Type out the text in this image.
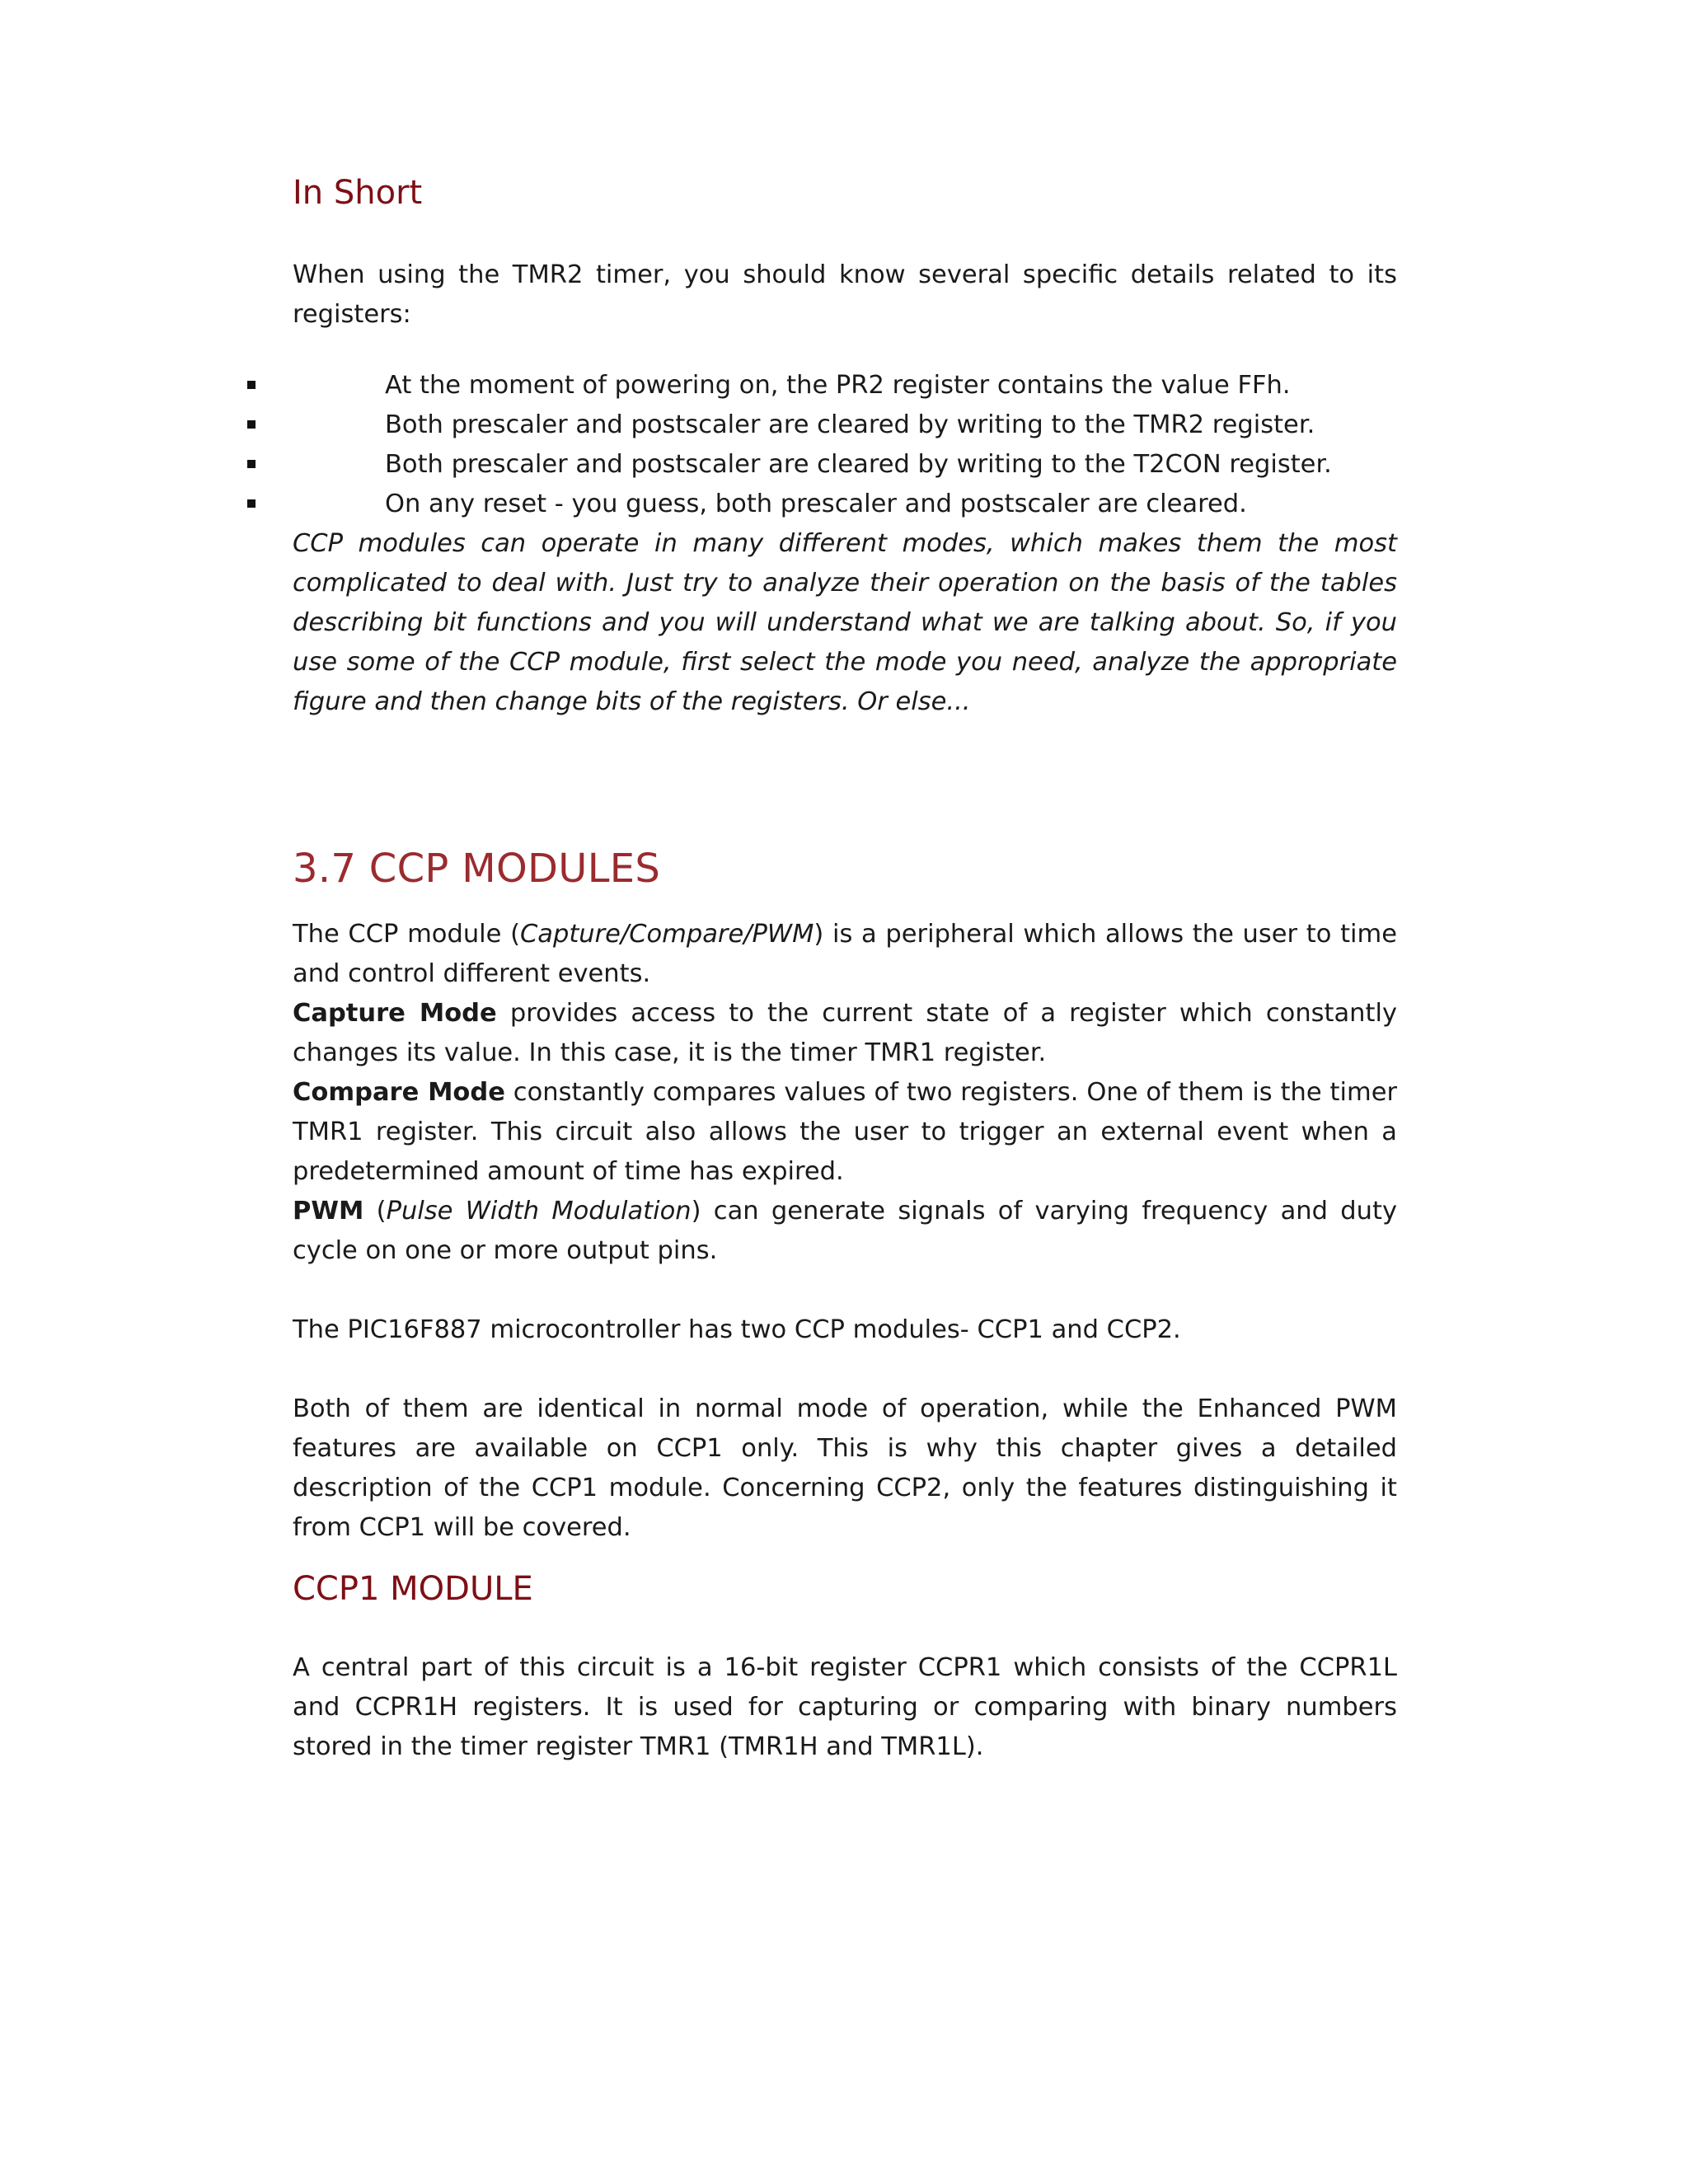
In Short

When using the TMR2 timer, you should know several specific details related to its registers:

At the moment of powering on, the PR2 register contains the value FFh.
Both prescaler and postscaler are cleared by writing to the TMR2 register.
Both prescaler and postscaler are cleared by writing to the T2CON register.
On any reset - you guess, both prescaler and postscaler are cleared.

CCP modules can operate in many different modes, which makes them the most complicated to deal with. Just try to analyze their operation on the basis of the tables describing bit functions and you will understand what we are talking about. So, if you use some of the CCP module, first select the mode you need, analyze the appropriate figure and then change bits of the registers. Or else...

3.7 CCP MODULES

The CCP module (Capture/Compare/PWM) is a peripheral which allows the user to time and control different events.

Capture Mode provides access to the current state of a register which constantly changes its value. In this case, it is the timer TMR1 register.

Compare Mode constantly compares values of two registers. One of them is the timer TMR1 register. This circuit also allows the user to trigger an external event when a predetermined amount of time has expired.

PWM (Pulse Width Modulation) can generate signals of varying frequency and duty cycle on one or more output pins.

The PIC16F887 microcontroller has two CCP modules- CCP1 and CCP2.

Both of them are identical in normal mode of operation, while the Enhanced PWM features are available on CCP1 only. This is why this chapter gives a detailed description of the CCP1 module. Concerning CCP2, only the features distinguishing it from CCP1 will be covered.

CCP1 MODULE

A central part of this circuit is a 16-bit register CCPR1 which consists of the CCPR1L and CCPR1H registers. It is used for capturing or comparing with binary numbers stored in the timer register TMR1 (TMR1H and TMR1L).
